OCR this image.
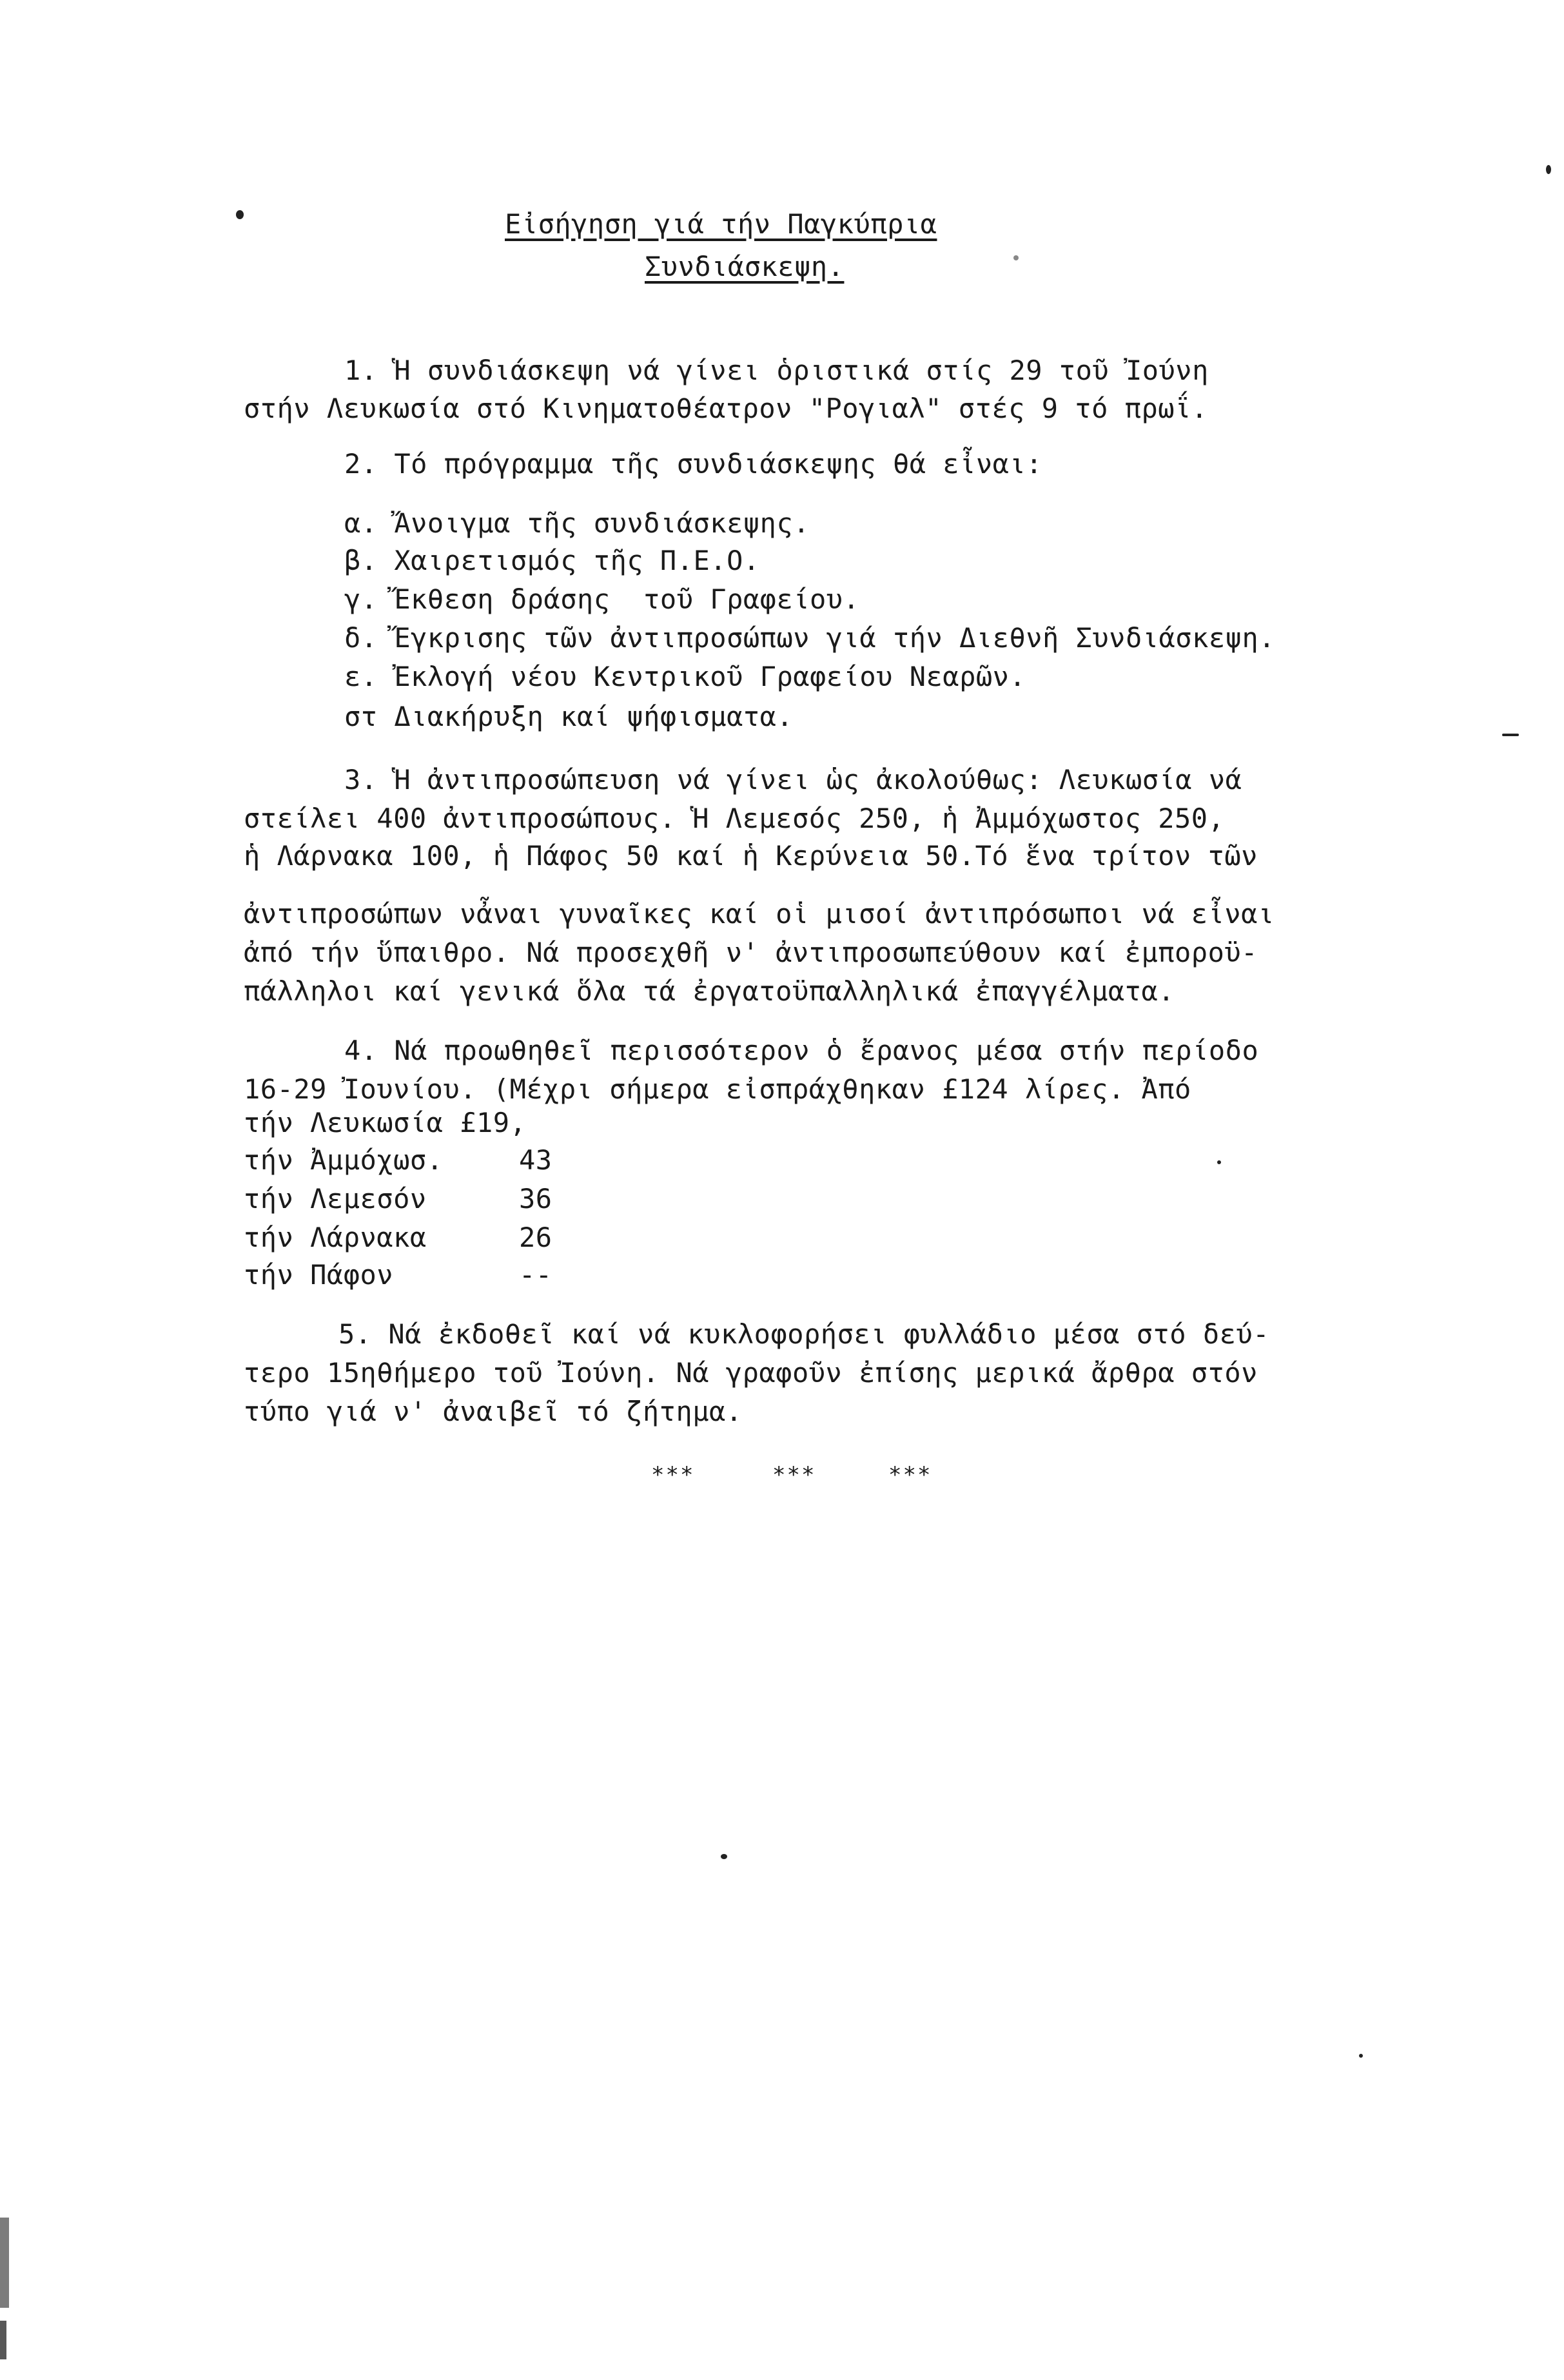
Εἰσήγηση γιά τήν Παγκύπρια
Συνδιάσκεψη.
1. Ἡ συνδιάσκεψη νά γίνει ὁριστικά στίς 29 τοῦ Ἰούνη
στήν Λευκωσία στό Κινηματοθέατρον "Ρογιαλ" στές 9 τό πρωΐ.
2. Τό πρόγραμμα τῆς συνδιάσκεψης θά εἶναι:
α. Ἄνοιγμα τῆς συνδιάσκεψης.
β. Χαιρετισμός τῆς Π.Ε.Ο.
γ. Ἔκθεση δράσης  τοῦ Γραφείου.
δ. Ἔγκρισης τῶν ἀντιπροσώπων γιά τήν Διεθνῆ Συνδιάσκεψη.
ε. Ἐκλογή νέου Κεντρικοῦ Γραφείου Νεαρῶν.
στ Διακήρυξη καί ψήφισματα.
3. Ἡ ἀντιπροσώπευση νά γίνει ὡς ἀκολούθως: Λευκωσία νά
στείλει 400 ἀντιπροσώπους. Ἡ Λεμεσός 250, ἡ Ἀμμόχωστος 250,
ἡ Λάρνακα 100, ἡ Πάφος 50 καί ἡ Κερύνεια 50.Τό ἕνα τρίτον τῶν
ἀντιπροσώπων νἆναι γυναῖκες καί οἱ μισοί ἀντιπρόσωποι νά εἶναι
ἀπό τήν ὕπαιθρο. Νά προσεχθῆ ν' ἀντιπροσωπεύθουν καί ἐμποροϋ-
πάλληλοι καί γενικά ὅλα τά ἐργατοϋπαλληλικά ἐπαγγέλματα.
4. Νά προωθηθεῖ περισσότερον ὁ ἔρανος μέσα στήν περίοδο
16-29 Ἰουνίου. (Μέχρι σήμερα εἰσπράχθηκαν £124 λίρες. Ἀπό
τήν Λευκωσία £19,
τήν Ἀμμόχωσ.	43
τήν Λεμεσόν	36
τήν Λάρνακα	26
τήν Πάφον	--
5. Νά ἐκδοθεῖ καί νά κυκλοφορήσει φυλλάδιο μέσα στό δεύ-
τερο 15ηθήμερο τοῦ Ἰούνη. Νά γραφοῦν ἐπίσης μερικά ἄρθρα στόν
τύπο γιά ν' ἀναιβεῖ τό ζήτημα.
***	***	***
